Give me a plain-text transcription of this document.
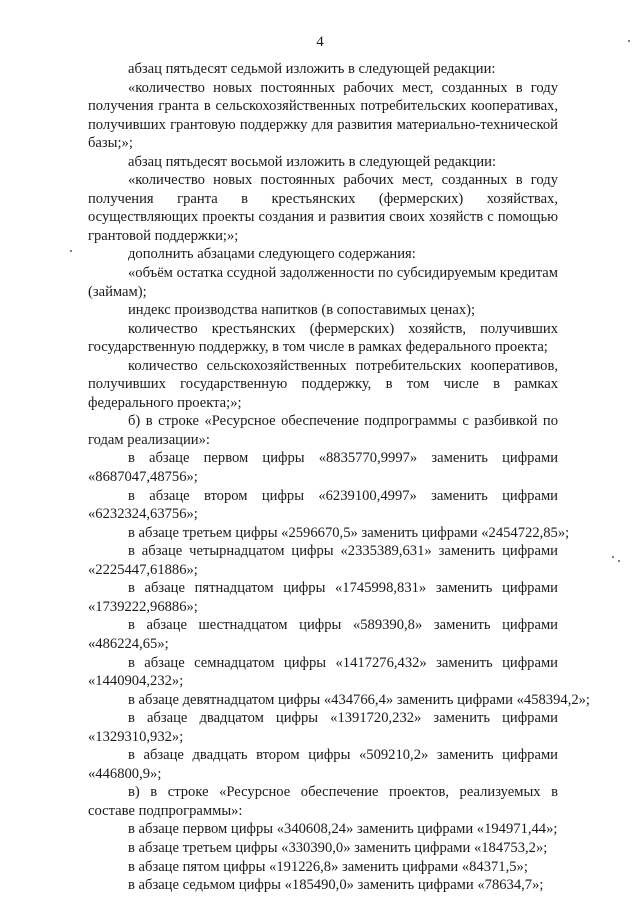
4

абзац пятьдесят седьмой изложить в следующей редакции:

«количество новых постоянных рабочих мест, созданных в году получения гранта в сельскохозяйственных потребительских кооперативах, получивших грантовую поддержку для развития материально-технической базы;»;

абзац пятьдесят восьмой изложить в следующей редакции:

«количество новых постоянных рабочих мест, созданных в году получения гранта в крестьянских (фермерских) хозяйствах, осуществляющих проекты создания и развития своих хозяйств с помощью грантовой поддержки;»;

дополнить абзацами следующего содержания:

«объём остатка ссудной задолженности по субсидируемым кредитам (займам);

индекс производства напитков (в сопоставимых ценах);

количество крестьянских (фермерских) хозяйств, получивших государственную поддержку, в том числе в рамках федерального проекта;

количество сельскохозяйственных потребительских кооперативов, получивших государственную поддержку, в том числе в рамках федерального проекта;»;

б) в строке «Ресурсное обеспечение подпрограммы с разбивкой по годам реализации»:

в абзаце первом цифры «8835770,9997» заменить цифрами «8687047,48756»;

в абзаце втором цифры «6239100,4997» заменить цифрами «6232324,63756»;

в абзаце третьем цифры «2596670,5» заменить цифрами «2454722,85»;

в абзаце четырнадцатом цифры «2335389,631» заменить цифрами «2225447,61886»;

в абзаце пятнадцатом цифры «1745998,831» заменить цифрами «1739222,96886»;

в абзаце шестнадцатом цифры «589390,8» заменить цифрами «486224,65»;

в абзаце семнадцатом цифры «1417276,432» заменить цифрами «1440904,232»;

в абзаце девятнадцатом цифры «434766,4» заменить цифрами «458394,2»;

в абзаце двадцатом цифры «1391720,232» заменить цифрами «1329310,932»;

в абзаце двадцать втором цифры «509210,2» заменить цифрами «446800,9»;

в) в строке «Ресурсное обеспечение проектов, реализуемых в составе подпрограммы»:

в абзаце первом цифры «340608,24» заменить цифрами «194971,44»;

в абзаце третьем цифры «330390,0» заменить цифрами «184753,2»;

в абзаце пятом цифры «191226,8» заменить цифрами «84371,5»;

в абзаце седьмом цифры «185490,0» заменить цифрами «78634,7»;
